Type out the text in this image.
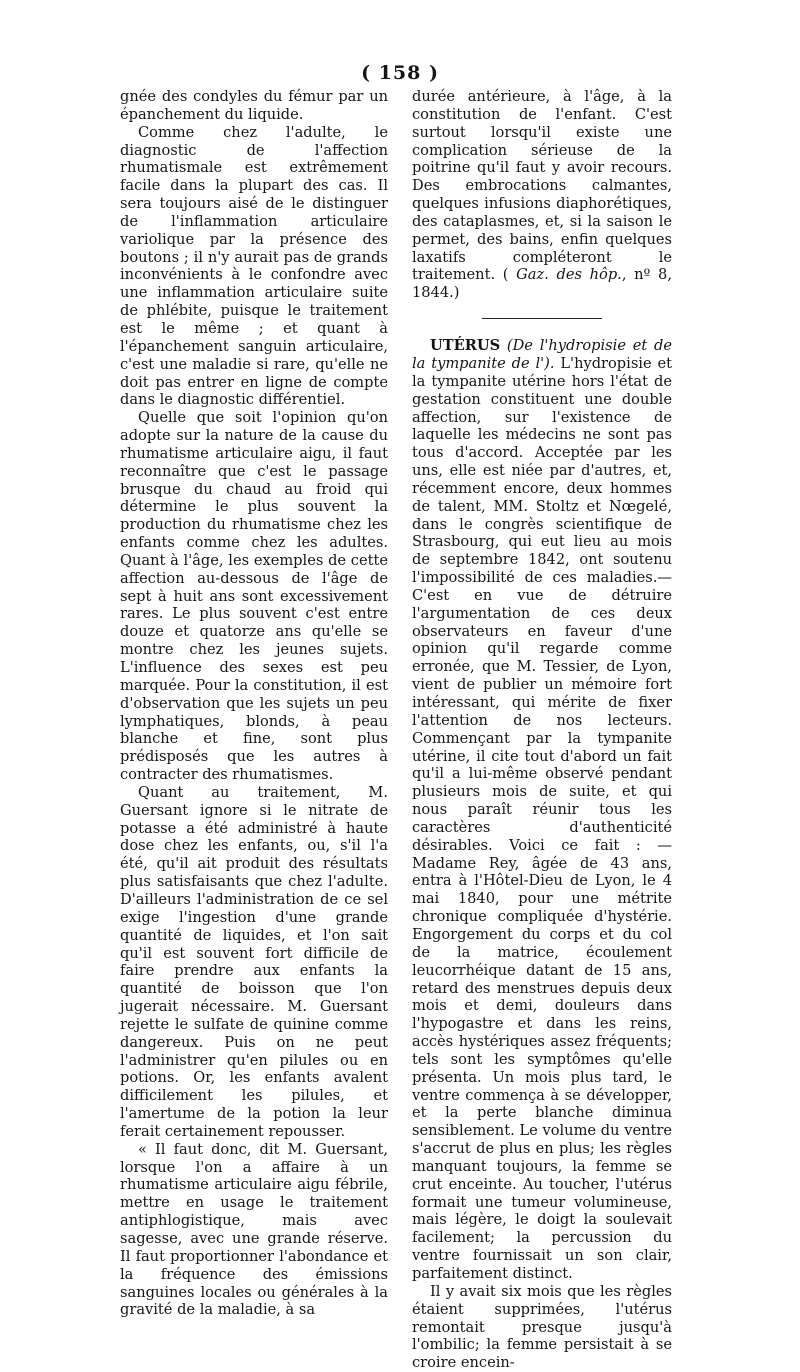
( 158 )

gnée des condyles du fémur par un épanchement du liquide.

Comme chez l'adulte, le diagnostic de l'affection rhumatismale est extrêmement facile dans la plupart des cas. Il sera toujours aisé de le distinguer de l'inflammation articulaire variolique par la présence des boutons ; il n'y aurait pas de grands inconvénients à le confondre avec une inflammation articulaire suite de phlébite, puisque le traitement est le même ; et quant à l'épanchement sanguin articulaire, c'est une maladie si rare, qu'elle ne doit pas entrer en ligne de compte dans le diagnostic différentiel.

Quelle que soit l'opinion qu'on adopte sur la nature de la cause du rhumatisme articulaire aigu, il faut reconnaître que c'est le passage brusque du chaud au froid qui détermine le plus souvent la production du rhumatisme chez les enfants comme chez les adultes. Quant à l'âge, les exemples de cette affection au-dessous de l'âge de sept à huit ans sont excessivement rares. Le plus souvent c'est entre douze et quatorze ans qu'elle se montre chez les jeunes sujets. L'influence des sexes est peu marquée. Pour la constitution, il est d'observation que les sujets un peu lymphatiques, blonds, à peau blanche et fine, sont plus prédisposés que les autres à contracter des rhumatismes.

Quant au traitement, M. Guersant ignore si le nitrate de potasse a été administré à haute dose chez les enfants, ou, s'il l'a été, qu'il ait produit des résultats plus satisfaisants que chez l'adulte. D'ailleurs l'administration de ce sel exige l'ingestion d'une grande quantité de liquides, et l'on sait qu'il est souvent fort difficile de faire prendre aux enfants la quantité de boisson que l'on jugerait nécessaire. M. Guersant rejette le sulfate de quinine comme dangereux. Puis on ne peut l'administrer qu'en pilules ou en potions. Or, les enfants avalent difficilement les pilules, et l'amertume de la potion la leur ferait certainement repousser.

« Il faut donc, dit M. Guersant, lorsque l'on a affaire à un rhumatisme articulaire aigu fébrile, mettre en usage le traitement antiphlogistique, mais avec sagesse, avec une grande réserve. Il faut proportionner l'abondance et la fréquence des émissions sanguines locales ou générales à la gravité de la maladie, à sa

durée antérieure, à l'âge, à la constitution de l'enfant. C'est surtout lorsqu'il existe une complication sérieuse de la poitrine qu'il faut y avoir recours. Des embrocations calmantes, quelques infusions diaphorétiques, des cataplasmes, et, si la saison le permet, des bains, enfin quelques laxatifs compléteront le traitement. ( Gaz. des hôp., nº 8, 1844.)

UTÉRUS (De l'hydropisie et de la tympanite de l'). L'hydropisie et la tympanite utérine hors l'état de gestation constituent une double affection, sur l'existence de laquelle les médecins ne sont pas tous d'accord. Acceptée par les uns, elle est niée par d'autres, et, récemment encore, deux hommes de talent, MM. Stoltz et Nœgelé, dans le congrès scientifique de Strasbourg, qui eut lieu au mois de septembre 1842, ont soutenu l'impossibilité de ces maladies.— C'est en vue de détruire l'argumentation de ces deux observateurs en faveur d'une opinion qu'il regarde comme erronée, que M. Tessier, de Lyon, vient de publier un mémoire fort intéressant, qui mérite de fixer l'attention de nos lecteurs. Commençant par la tympanite utérine, il cite tout d'abord un fait qu'il a lui-même observé pendant plusieurs mois de suite, et qui nous paraît réunir tous les caractères d'authenticité désirables. Voici ce fait : —Madame Rey, âgée de 43 ans, entra à l'Hôtel-Dieu de Lyon, le 4 mai 1840, pour une métrite chronique compliquée d'hystérie. Engorgement du corps et du col de la matrice, écoulement leucorrhéique datant de 15 ans, retard des menstrues depuis deux mois et demi, douleurs dans l'hypogastre et dans les reins, accès hystériques assez fréquents; tels sont les symptômes qu'elle présenta. Un mois plus tard, le ventre commença à se développer, et la perte blanche diminua sensiblement. Le volume du ventre s'accrut de plus en plus; les règles manquant toujours, la femme se crut enceinte. Au toucher, l'utérus formait une tumeur volumineuse, mais légère, le doigt la soulevait facilement; la percussion du ventre fournissait un son clair, parfaitement distinct.

Il y avait six mois que les règles étaient supprimées, l'utérus remontait presque jusqu'à l'ombilic; la femme persistait à se croire encein-
